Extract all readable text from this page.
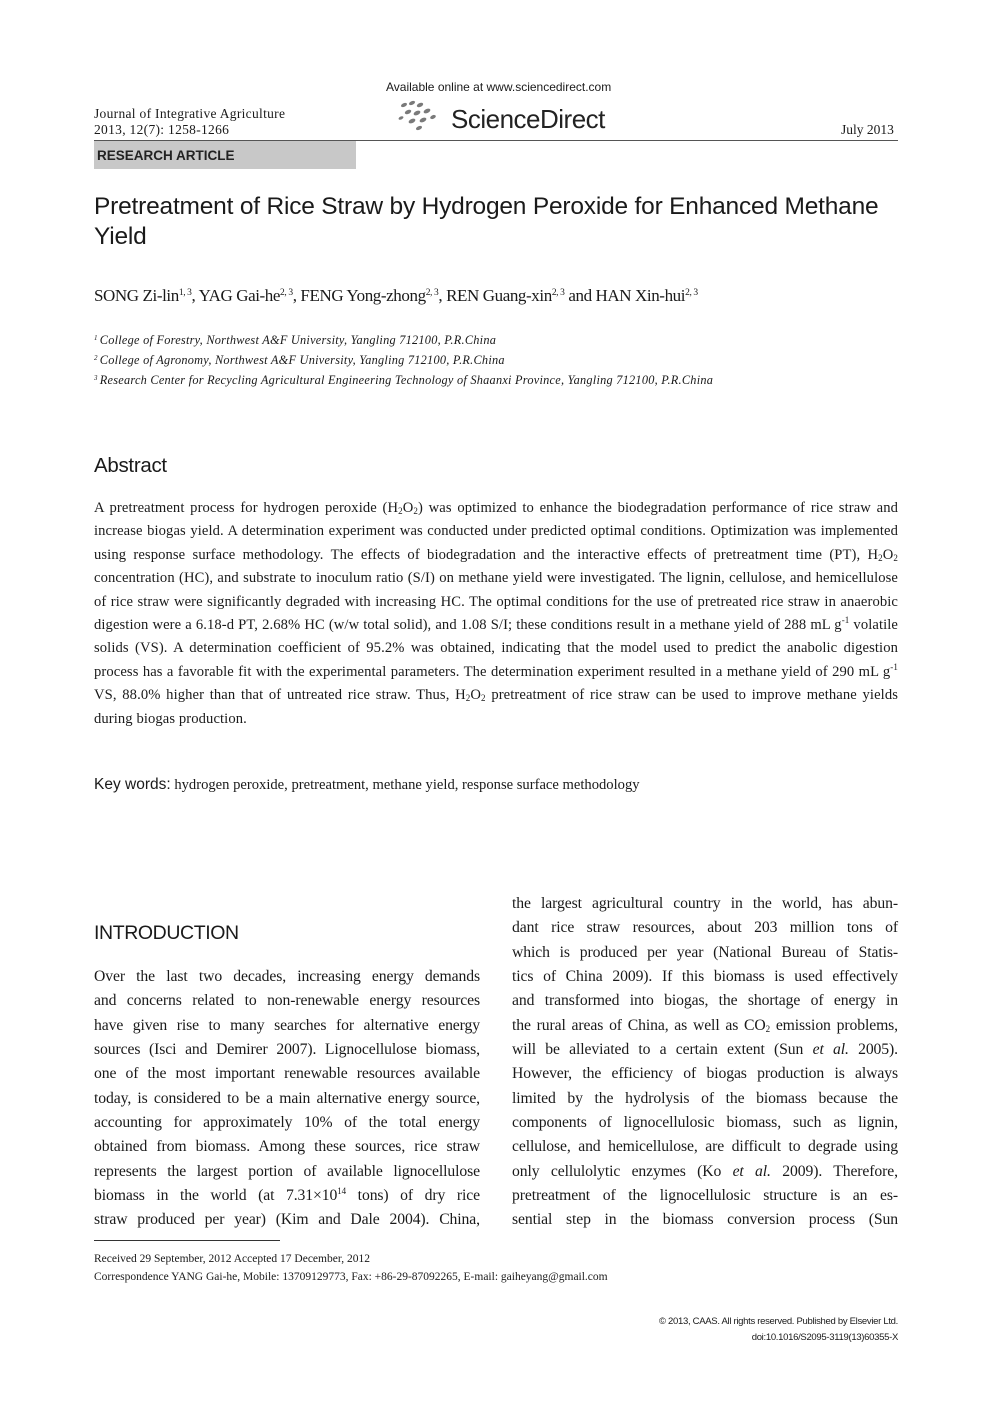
Journal of Integrative Agriculture
2013, 12(7): 1258-1266
Available online at www.sciencedirect.com
ScienceDirect	July 2013
RESEARCH ARTICLE
Pretreatment of Rice Straw by Hydrogen Peroxide for Enhanced Methane Yield
SONG Zi-lin$^{1, 3}$, YAG Gai-he$^{2, 3}$, FENG Yong-zhong$^{2, 3}$, REN Guang-xin$^{2, 3}$ and HAN Xin-hui$^{2, 3}$
$^1$ College of Forestry, Northwest A&F University, Yangling 712100, P.R.China
$^2$ College of Agronomy, Northwest A&F University, Yangling 712100, P.R.China
$^3$ Research Center for Recycling Agricultural Engineering Technology of Shaanxi Province, Yangling 712100, P.R.China
Abstract

A pretreatment process for hydrogen peroxide $(H_2O_2)$ was optimized to enhance the biodegradation performance of rice straw and increase biogas yield. A determination experiment was conducted under predicted optimal conditions. Optimization was implemented using response surface methodology. The effects of biodegradation and the interactive effects of pretreatment time (PT), $H_2O_2$ concentration (HC), and substrate to inoculum ratio (S/I) on methane yield were investigated. The lignin, cellulose, and hemicellulose of rice straw were significantly degraded with increasing HC. The optimal conditions for the use of pretreated rice straw in anaerobic digestion were a 6.18-d PT, 2.68% HC (w/w total solid), and 1.08 S/I; these conditions result in a methane yield of 288 mL $g^{-1}$ volatile solids (VS). A determination coefficient of 95.2% was obtained, indicating that the model used to predict the anabolic digestion process has a favorable fit with the experimental parameters. The determination experiment resulted in a methane yield of 290 mL $g^{-1}$ VS, 88.0% higher than that of untreated rice straw. Thus, $H_2O_2$ pretreatment of rice straw can be used to improve methane yields during biogas production.

Key words: hydrogen peroxide, pretreatment, methane yield, response surface methodology
INTRODUCTION
Over the last two decades, increasing energy demands
and concerns related to non-renewable energy resources
have given rise to many searches for alternative energy
sources (Isci and Demirer 2007). Lignocellulose biomass,
one of the most important renewable resources available
today, is considered to be a main alternative energy source,
accounting for approximately 10% of the total energy
obtained from biomass. Among these sources, rice straw
represents the largest portion of available lignocellulose
biomass in the world (at $7.31\times 10^{14}$ tons) of dry rice
straw produced per year) (Kim and Dale 2004). China,
the largest agricultural country in the world, has abun-
dant rice straw resources, about 203 million tons of
which is produced per year (National Bureau of Statis-
tics of China 2009). If this biomass is used effectively
and transformed into biogas, the shortage of energy in
the rural areas of China, as well as $CO_2$ emission problems,
will be alleviated to a certain extent (Sun et al. 2005).
However, the efficiency of biogas production is always
limited by the hydrolysis of the biomass because the
components of lignocellulosic biomass, such as lignin,
cellulose, and hemicellulose, are difficult to degrade using
only cellulolytic enzymes (Ko et al. 2009). Therefore,
pretreatment of the lignocellulosic structure is an es-
sential step in the biomass conversion process (Sun
Received 29 September, 2012 Accepted 17 December, 2012
Correspondence YANG Gai-he, Mobile: 13709129773, Fax: +86-29-87092265, E-mail: gaiheyang@gmail.com
© 2013, CAAS. All rights reserved. Published by Elsevier Ltd.
doi:10.1016/S2095-3119(13)60355-X
